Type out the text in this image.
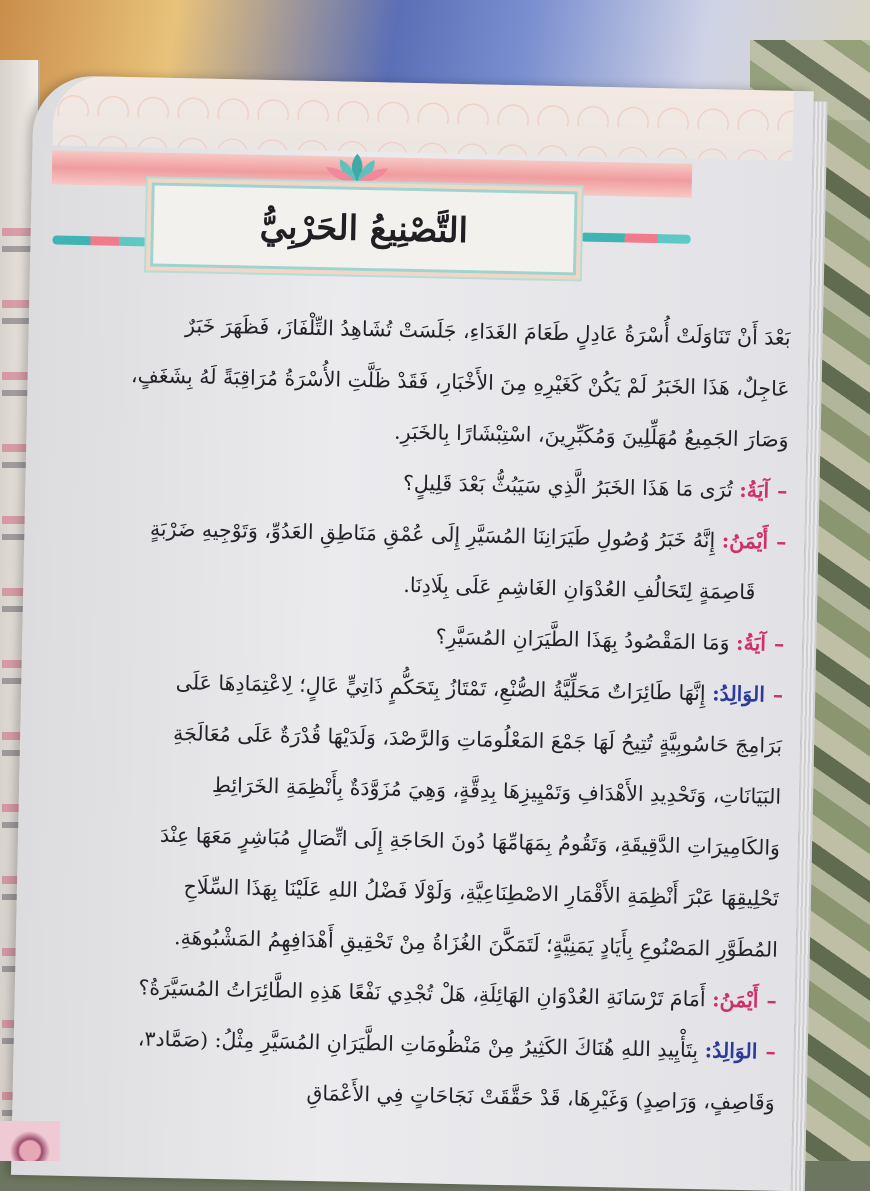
التَّصْنِيعُ الحَرْبِيُّ
بَعْدَ أَنْ تَنَاوَلَتْ أُسْرَةُ عَادِلٍ طَعَامَ الغَدَاءِ، جَلَسَتْ تُشَاهِدُ التِّلْفَازَ، فَظَهَرَ خَبَرٌ
عَاجِلٌ، هَذَا الخَبَرُ لَمْ يَكُنْ كَغَيْرِهِ مِنَ الأَخْبَارِ، فَقَدْ ظَلَّتِ الأُسْرَةُ مُرَاقِبَةً لَهُ بِشَغَفٍ،
وَصَارَ الجَمِيعُ مُهَلِّلِينَ وَمُكَبِّرِينَ، اسْتِبْشَارًا بِالخَبَرِ.
–آيَةُ: تُرَى مَا هَذَا الخَبَرُ الَّذِي سَيَبُثُّ بَعْدَ قَلِيلٍ؟
–أَيْمَنُ: إِنَّهُ خَبَرُ وُصُولِ طَيَرَانِنَا المُسَيَّرِ إِلَى عُمْقِ مَنَاطِقِ العَدُوِّ، وَتَوْجِيهِ ضَرْبَةٍ
قَاصِمَةٍ لِتَحَالُفِ العُدْوَانِ الغَاشِمِ عَلَى بِلَادِنَا.
–آيَةُ: وَمَا المَقْصُودُ بِهَذَا الطَّيَرَانِ المُسَيَّرِ؟
–الوَالِدُ: إِنَّهَا طَائِرَاتٌ مَحَلِّيَّةُ الصُّنْعِ، تَمْتَازُ بِتَحَكُّمٍ ذَاتِيٍّ عَالٍ؛ لِاعْتِمَادِهَا عَلَى
بَرَامِجَ حَاسُوبِيَّةٍ تُتِيحُ لَهَا جَمْعَ المَعْلُومَاتِ وَالرَّصْدَ، وَلَدَيْهَا قُدْرَةٌ عَلَى مُعَالَجَةِ
البَيَانَاتِ، وَتَحْدِيدِ الأَهْدَافِ وَتَمْيِيزِهَا بِدِقَّةٍ، وَهِيَ مُزَوَّدَةٌ بِأَنْظِمَةِ الخَرَائِطِ
وَالكَامِيرَاتِ الدَّقِيقَةِ، وَتَقُومُ بِمَهَامِّهَا دُونَ الحَاجَةِ إِلَى اتِّصَالٍ مُبَاشِرٍ مَعَهَا عِنْدَ
تَحْلِيقِهَا عَبْرَ أَنْظِمَةِ الأَقْمَارِ الاصْطِنَاعِيَّةِ، وَلَوْلَا فَضْلُ اللهِ عَلَيْنَا بِهَذَا السِّلَاحِ
المُطَوَّرِ المَصْنُوعِ بِأَيَادٍ يَمَنِيَّةٍ؛ لَتَمَكَّنَ الغُزَاةُ مِنْ تَحْقِيقِ أَهْدَافِهِمُ المَشْبُوهَةِ.
–أَيْمَنُ: أَمَامَ تَرْسَانَةِ العُدْوَانِ الهَائِلَةِ، هَلْ تُجْدِي نَفْعًا هَذِهِ الطَّائِرَاتُ المُسَيَّرَةُ؟
–الوَالِدُ: بِتَأْيِيدِ اللهِ هُنَاكَ الكَثِيرُ مِنْ مَنْظُومَاتِ الطَّيَرَانِ المُسَيَّرِ مِثْلُ: (صَمَّاد٣،
وَقَاصِفٍ، وَرَاصِدٍ) وَغَيْرِهَا، قَدْ حَقَّقَتْ نَجَاحَاتٍ فِي الأَعْمَاقِ
